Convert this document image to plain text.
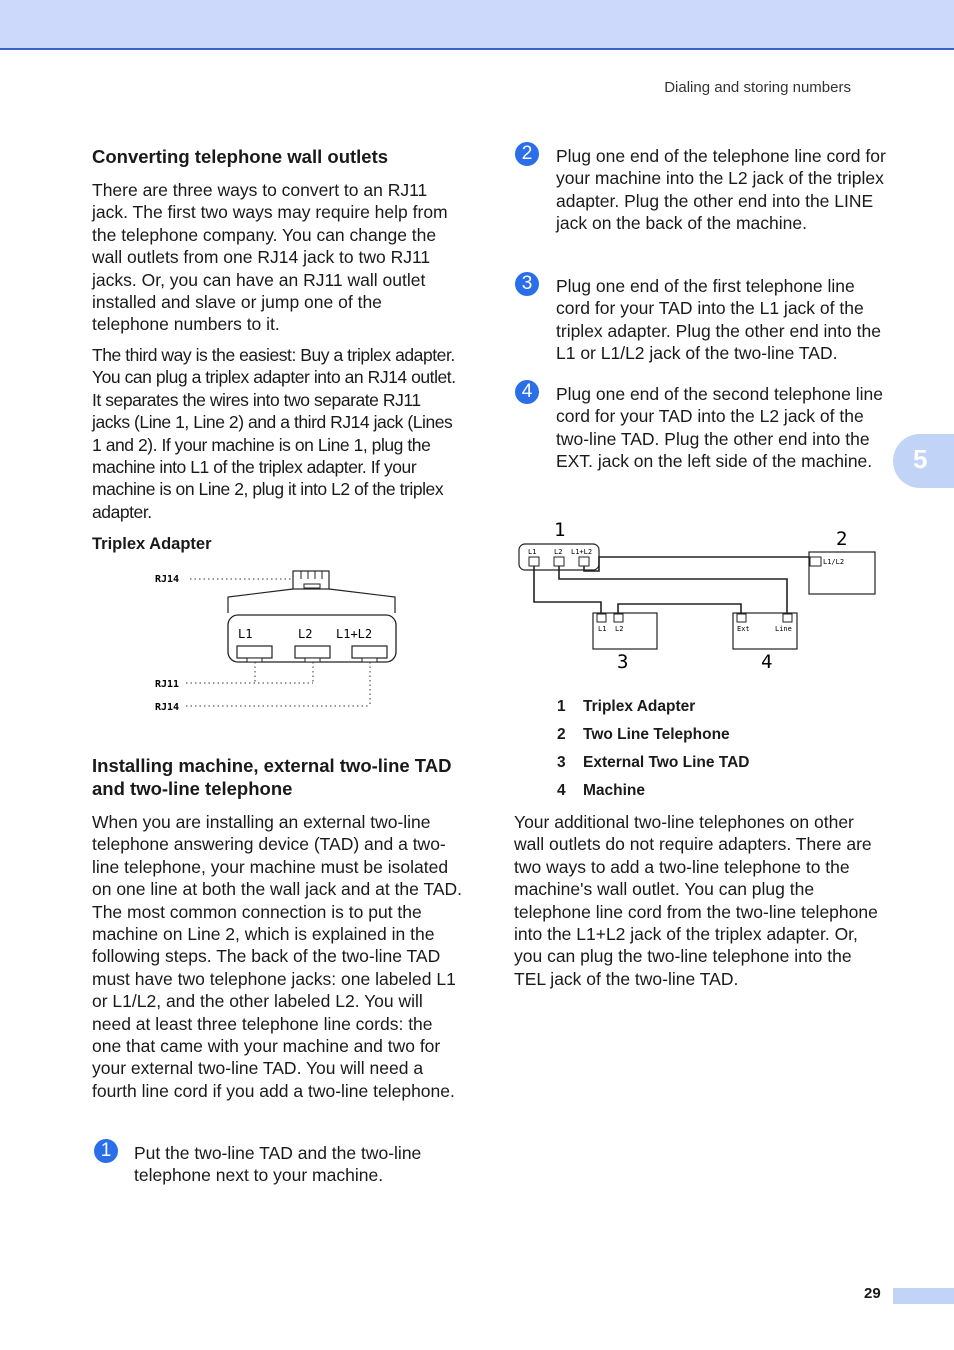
Dialing and storing numbers
5
Converting telephone wall outlets

There are three ways to convert to an RJ11 jack. The first two ways may require help from the telephone company. You can change the wall outlets from one RJ14 jack to two RJ11 jacks. Or, you can have an RJ11 wall outlet installed and slave or jump one of the telephone numbers to it.

The third way is the easiest: Buy a triplex adapter. You can plug a triplex adapter into an RJ14 outlet. It separates the wires into two separate RJ11 jacks (Line 1, Line 2) and a third RJ14 jack (Lines 1 and 2). If your machine is on Line 1, plug the machine into L1 of the triplex adapter. If your machine is on Line 2, plug it into L2 of the triplex adapter.

Triplex Adapter
RJ14
L1	L2 L1+L2
RJ11
RJ14
Installing machine, external two-line TAD and two-line telephone

When you are installing an external two-line telephone answering device (TAD) and a two-line telephone, your machine must be isolated on one line at both the wall jack and at the TAD. The most common connection is to put the machine on Line 2, which is explained in the following steps. The back of the two-line TAD must have two telephone jacks: one labeled L1 or L1/L2, and the other labeled L2. You will need at least three telephone line cords: the one that came with your machine and two for your external two-line TAD. You will need a fourth line cord if you add a two-line telephone.

1	Put the two-line TAD and the two-line telephone next to your machine.
2	Plug one end of the telephone line cord for your machine into the L2 jack of the triplex adapter. Plug the other end into the LINE jack on the back of the machine.
3	Plug one end of the first telephone line cord for your TAD into the L1 jack of the triplex adapter. Plug the other end into the L1 or L1/L2 jack of the two-line TAD.
4	Plug one end of the second telephone line cord for your TAD into the L2 jack of the two-line TAD. Plug the other end into the EXT. jack on the left side of the machine.
1	2
3	4
L1	L2 L1+L2
L1/L2
L1 L2	Ext	Line
1 Triplex Adapter
2 Two Line Telephone
3 External Two Line TAD
4 Machine

Your additional two-line telephones on other wall outlets do not require adapters. There are two ways to add a two-line telephone to the machine's wall outlet. You can plug the telephone line cord from the two-line telephone into the L1+L2 jack of the triplex adapter. Or, you can plug the two-line telephone into the TEL jack of the two-line TAD.

29
